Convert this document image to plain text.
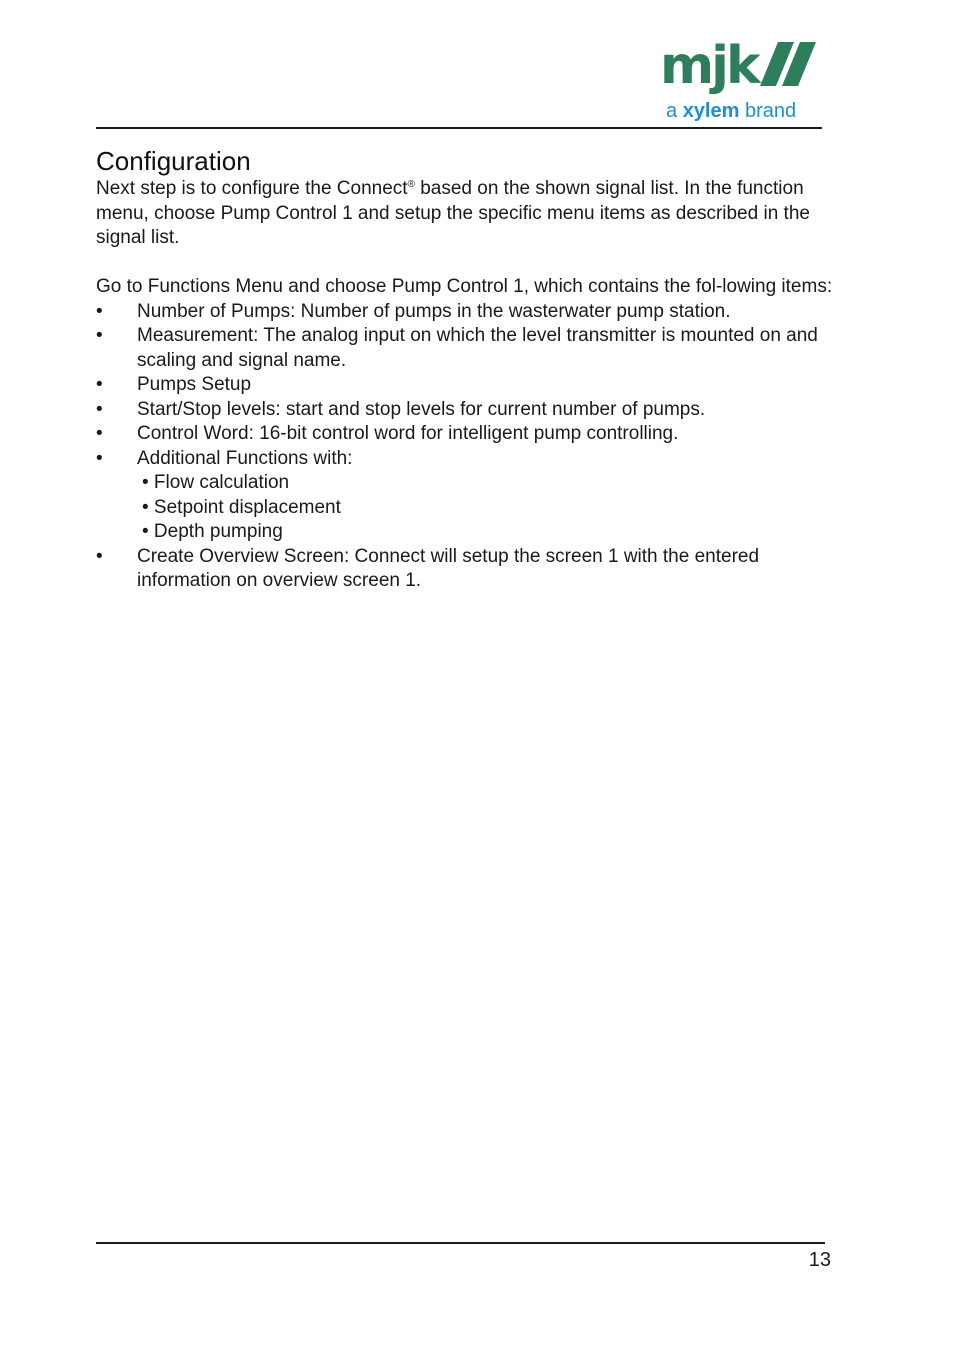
mjk
a xylem brand
Configuration

Next step is to configure the Connect® based on the shown signal list. In the function menu, choose Pump Control 1 and setup the specific menu items as described in the signal list.

Go to Functions Menu and choose Pump Control 1, which contains the fol-lowing items:

• Number of Pumps: Number of pumps in the wasterwater pump station.
• Measurement: The analog input on which the level transmitter is mounted on and scaling and signal name.
• Pumps Setup
• Start/Stop levels: start and stop levels for current number of pumps.
• Control Word: 16-bit control word for intelligent pump controlling.
• Additional Functions with:
• Flow calculation
• Setpoint displacement
• Depth pumping
• Create Overview Screen: Connect will setup the screen 1 with the entered information on overview screen 1.
13
